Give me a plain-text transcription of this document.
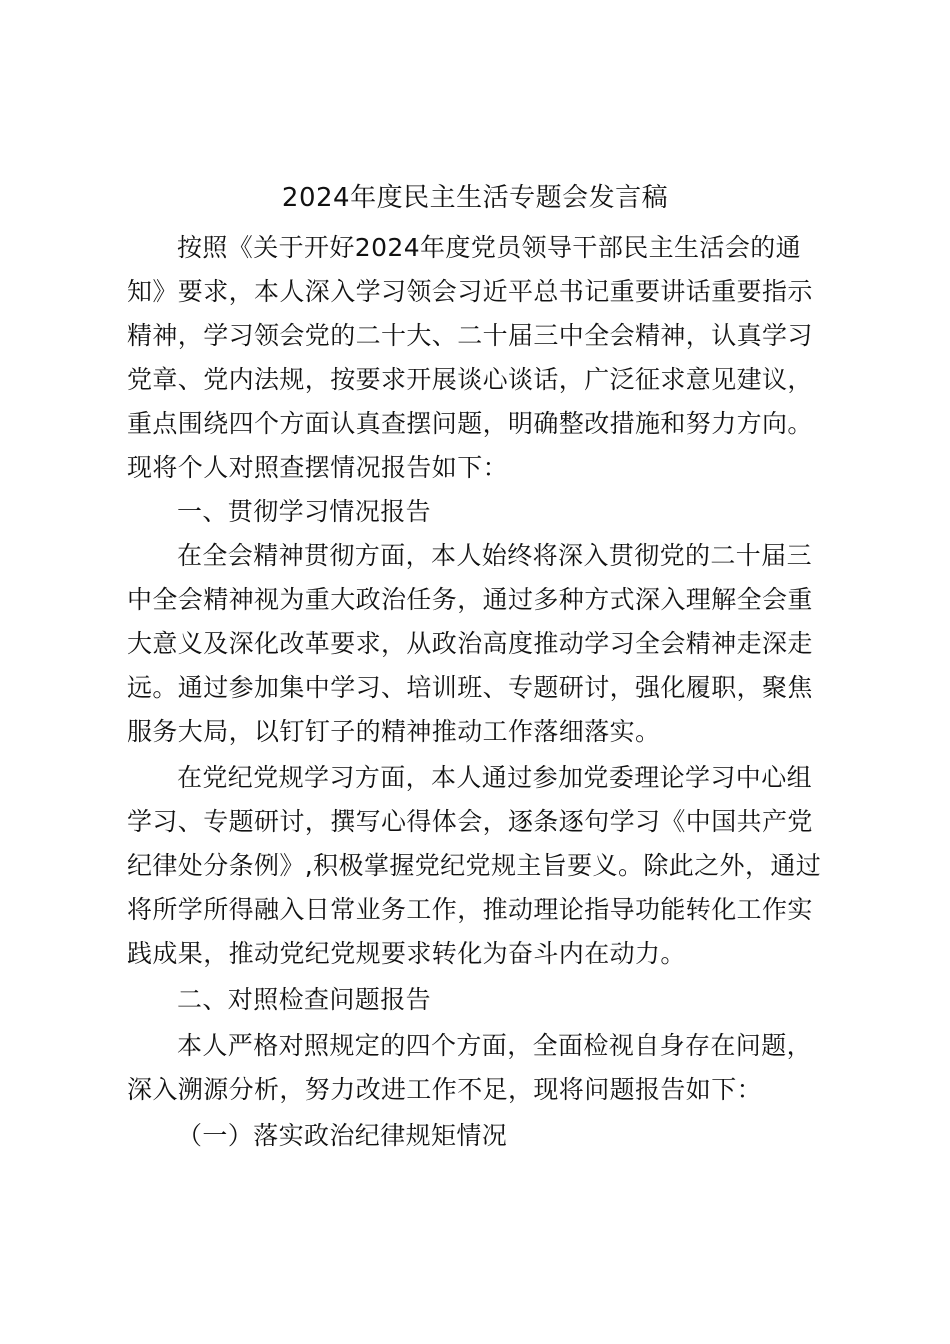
2024年度民主生活专题会发言稿
按照《关于开好2024年度党员领导干部民主生活会的通
知》要求，本人深入学习领会习近平总书记重要讲话重要指示
精神，学习领会党的二十大、二十届三中全会精神，认真学习
党章、党内法规，按要求开展谈心谈话，广泛征求意见建议，
重点围绕四个方面认真查摆问题，明确整改措施和努力方向。
现将个人对照查摆情况报告如下：
一、贯彻学习情况报告
在全会精神贯彻方面，本人始终将深入贯彻党的二十届三
中全会精神视为重大政治任务，通过多种方式深入理解全会重
大意义及深化改革要求，从政治高度推动学习全会精神走深走
远。通过参加集中学习、培训班、专题研讨，强化履职，聚焦
服务大局，以钉钉子的精神推动工作落细落实。
在党纪党规学习方面，本人通过参加党委理论学习中心组
学习、专题研讨，撰写心得体会，逐条逐句学习《中国共产党
纪律处分条例》,积极掌握党纪党规主旨要义。除此之外，通过
将所学所得融入日常业务工作，推动理论指导功能转化工作实
践成果，推动党纪党规要求转化为奋斗内在动力。
二、对照检查问题报告
本人严格对照规定的四个方面，全面检视自身存在问题，
深入溯源分析，努力改进工作不足，现将问题报告如下：
（一）落实政治纪律规矩情况
